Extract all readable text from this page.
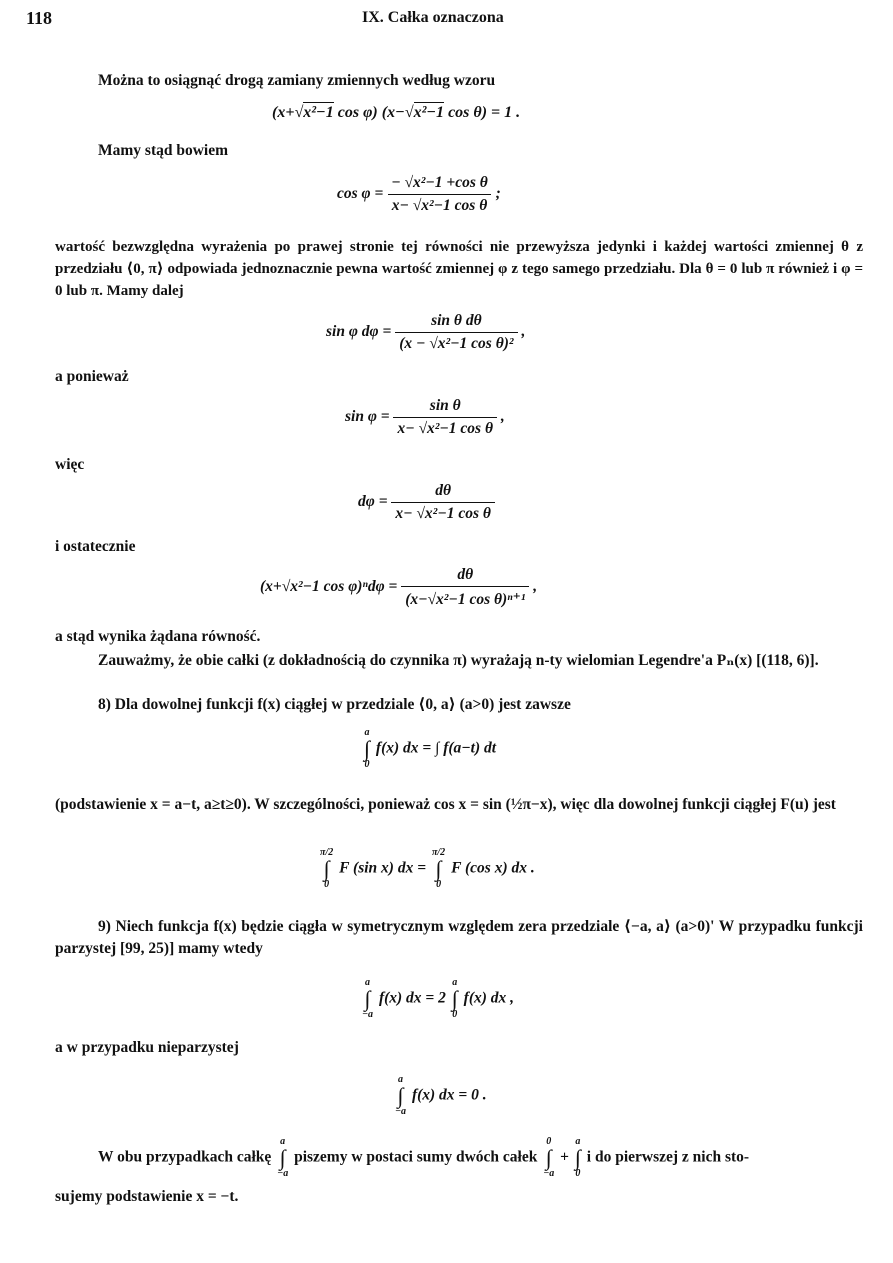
118	IX. Całka oznaczona
Można to osiągnąć drogą zamiany zmiennych według wzoru
(x+√x²−1 cos φ) (x−√x²−1 cos θ) = 1 .
Mamy stąd bowiem
$\cos \varphi = \frac{\text{− √x²−1 +cos θ}}{\text{x− √x²−1 cos θ}}$ ;
wartość bezwzględna wyrażenia po prawej stronie tej równości nie przewyższa jedynki i każdej wartości zmiennej θ z przedziału ⟨0, π⟩ odpowiada jednoznacznie pewna wartość zmiennej φ z tego samego przedziału. Dla θ = 0 lub π również i φ = 0 lub π. Mamy dalej
sin φ $d\varphi = \frac{\text{sin θ dθ}}{\text{(x − √x²−1 cos θ)²}}$ ,
a ponieważ
$\sin \varphi = \frac{\text{sin θ}}{\text{x− √x²−1 cos θ}}$ ,
więc
$d\varphi = \frac{d\theta}{\text{x− √x²−1 cos θ}}$
i ostatecznie
(x+√x²−1 $\cos \varphi)^nd\varphi = \frac{d\theta}{\text{(x−√x²−1 cos θ)ⁿ⁺¹}}$ ,
a stąd wynika żądana równość.
Zauważmy, że obie całki (z dokładnością do czynnika π) wyrażają n-ty wielomian Legendre'a Pₙ(x) [(118, 6)].
8) Dla dowolnej funkcji f(x) ciągłej w przedziale ⟨0, a⟩ (a>0) jest zawsze
a
∫
0
f(x) dx = ∫ f(a−t) dt
(podstawienie x = a−t, a≥t≥0). W szczególności, ponieważ cos x = sin (½π−x), więc dla dowolnej funkcji ciągłej F(u) jest
π/2
∫
0
F (sin x) dx =
π/2
∫
0
F (cos x) dx .
9) Niech funkcja f(x) będzie ciągła w symetrycznym względem zera przedziale ⟨−a, a⟩ (a>0)' W przypadku funkcji parzystej [99, 25)] mamy wtedy
a
∫
−a
f(x) dx = 2
a
∫
0
f(x) dx ,
a w przypadku nieparzystej
a
∫
−a
f(x) dx = 0 .
W obu przypadkach całkę
a
∫
−a
piszemy w postaci sumy dwóch całek
0
∫
−a
+
a
∫
0
i do pierwszej z nich sto-
sujemy podstawienie x = −t.
